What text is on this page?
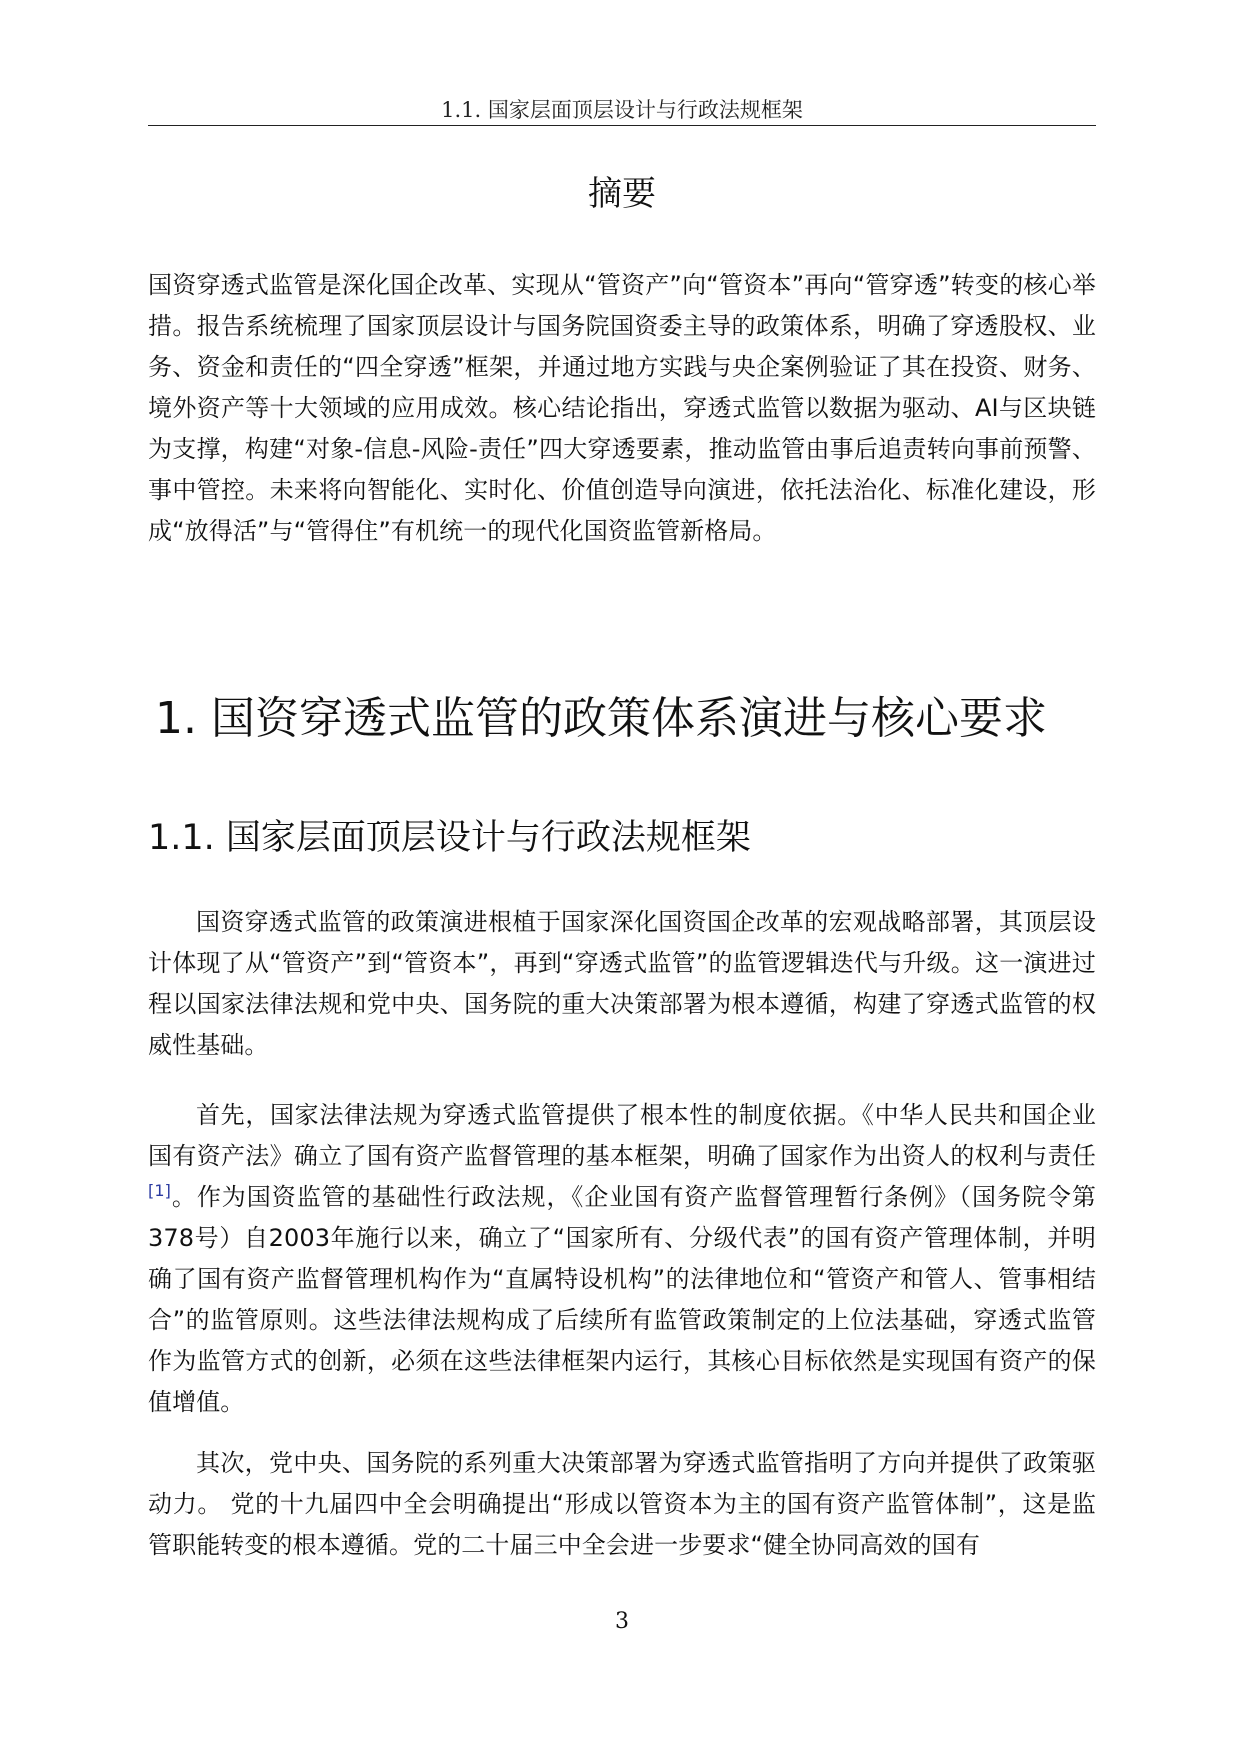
1.1. 国家层面顶层设计与行政法规框架
摘要

国资穿透式监管是深化国企改革、实现从“管资产”向“管资本”再向“管穿透”转变的核心举措。报告系统梳理了国家顶层设计与国务院国资委主导的政策体系，明确了穿透股权、业务、资金和责任的“四全穿透”框架，并通过地方实践与央企案例验证了其在投资、财务、境外资产等十大领域的应用成效。核心结论指出，穿透式监管以数据为驱动、AI与区块链为支撑，构建“对象-信息-风险-责任”四大穿透要素，推动监管由事后追责转向事前预警、事中管控。未来将向智能化、实时化、价值创造导向演进，依托法治化、标准化建设，形成“放得活”与“管得住”有机统一的现代化国资监管新格局。

1. 国资穿透式监管的政策体系演进与核心要求
1.1. 国家层面顶层设计与行政法规框架

国资穿透式监管的政策演进根植于国家深化国资国企改革的宏观战略部署，其顶层设计体现了从“管资产”到“管资本”，再到“穿透式监管”的监管逻辑迭代与升级。这一演进过程以国家法律法规和党中央、国务院的重大决策部署为根本遵循，构建了穿透式监管的权威性基础。

首先，国家法律法规为穿透式监管提供了根本性的制度依据。《中华人民共和国企业国有资产法》确立了国有资产监督管理的基本框架，明确了国家作为出资人的权利与责任[1]。作为国资监管的基础性行政法规，《企业国有资产监督管理暂行条例》（国务院令第378号）自2003年施行以来，确立了“国家所有、分级代表”的国有资产管理体制，并明确了国有资产监督管理机构作为“直属特设机构”的法律地位和“管资产和管人、管事相结合”的监管原则。这些法律法规构成了后续所有监管政策制定的上位法基础，穿透式监管作为监管方式的创新，必须在这些法律框架内运行，其核心目标依然是实现国有资产的保值增值。

其次，党中央、国务院的系列重大决策部署为穿透式监管指明了方向并提供了政策驱动力。 党的十九届四中全会明确提出“形成以管资本为主的国有资产监管体制”，这是监管职能转变的根本遵循。党的二十届三中全会进一步要求“健全协同高效的国有

3
